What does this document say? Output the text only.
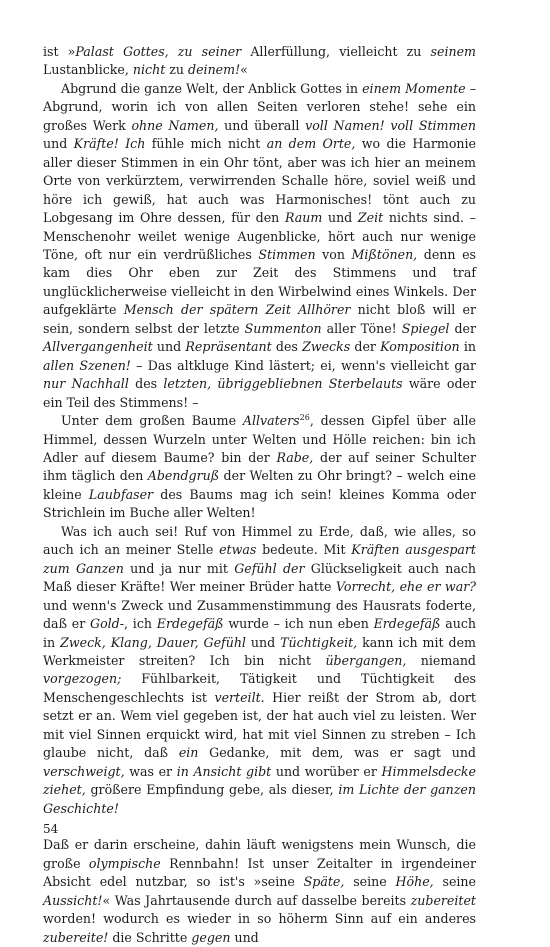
ist »Palast Gottes, zu seiner Allerfüllung, vielleicht zu seinem Lustanblicke, nicht zu deinem!«

Abgrund die ganze Welt, der Anblick Gottes in einem Momente – Abgrund, worin ich von allen Seiten verloren stehe! sehe ein großes Werk ohne Namen, und überall voll Namen! voll Stimmen und Kräfte! Ich fühle mich nicht an dem Orte, wo die Harmonie aller dieser Stimmen in ein Ohr tönt, aber was ich hier an meinem Orte von verkürztem, verwirrenden Schalle höre, soviel weiß und höre ich gewiß, hat auch was Harmonisches! tönt auch zu Lobgesang im Ohre dessen, für den Raum und Zeit nichts sind. – Menschenohr weilet wenige Augenblicke, hört auch nur wenige Töne, oft nur ein verdrüßliches Stimmen von Mißtönen, denn es kam dies Ohr eben zur Zeit des Stimmens und traf unglücklicherweise vielleicht in den Wirbelwind eines Winkels. Der aufgeklärte Mensch der spätern Zeit Allhörer nicht bloß will er sein, sondern selbst der letzte Summenton aller Töne! Spiegel der Allvergangenheit und Repräsentant des Zwecks der Komposition in allen Szenen! – Das altkluge Kind lästert; ei, wenn's vielleicht gar nur Nachhall des letzten, übriggebliebnen Sterbelauts wäre oder ein Teil des Stimmens! –

Unter dem großen Baume Allvaters$^{26}$, dessen Gipfel über alle Himmel, dessen Wurzeln unter Welten und Hölle reichen: bin ich Adler auf diesem Baume? bin der Rabe, der auf seiner Schulter ihm täglich den Abendgruß der Welten zu Ohr bringt? – welch eine kleine Laubfaser des Baums mag ich sein! kleines Komma oder Strichlein im Buche aller Welten!

Was ich auch sei! Ruf von Himmel zu Erde, daß, wie alles, so auch ich an meiner Stelle etwas bedeute. Mit Kräften ausgespart zum Ganzen und ja nur mit Gefühl der Glückseligkeit auch nach Maß dieser Kräfte! Wer meiner Brüder hatte Vorrecht, ehe er war? und wenn's Zweck und Zusammenstimmung des Hausrats foderte, daß er Gold-, ich Erdegefäß wurde – ich nun eben Erdegefäß auch in Zweck, Klang, Dauer, Gefühl und Tüchtigkeit, kann ich mit dem Werkmeister streiten? Ich bin nicht übergangen, niemand vorgezogen; Fühlbarkeit, Tätigkeit und Tüchtigkeit des Menschengeschlechts ist verteilt. Hier reißt der Strom ab, dort setzt er an. Wem viel gegeben ist, der hat auch viel zu leisten. Wer mit viel Sinnen erquickt wird, hat mit viel Sinnen zu streben – Ich glaube nicht, daß ein Gedanke, mit dem, was er sagt und verschweigt, was er in Ansicht gibt und worüber er Himmelsdecke ziehet, größere Empfindung gebe, als dieser, im Lichte der ganzen Geschichte!

Daß er darin erscheine, dahin läuft wenigstens mein Wunsch, die große olympische Rennbahn! Ist unser Zeitalter in irgendeiner Absicht edel nutzbar, so ist's »seine Späte, seine Höhe, seine Aussicht!« Was Jahrtausende durch auf dasselbe bereits zubereitet worden! wodurch es wieder in so höherm Sinn auf ein anderes zubereite! die Schritte gegen und

54
